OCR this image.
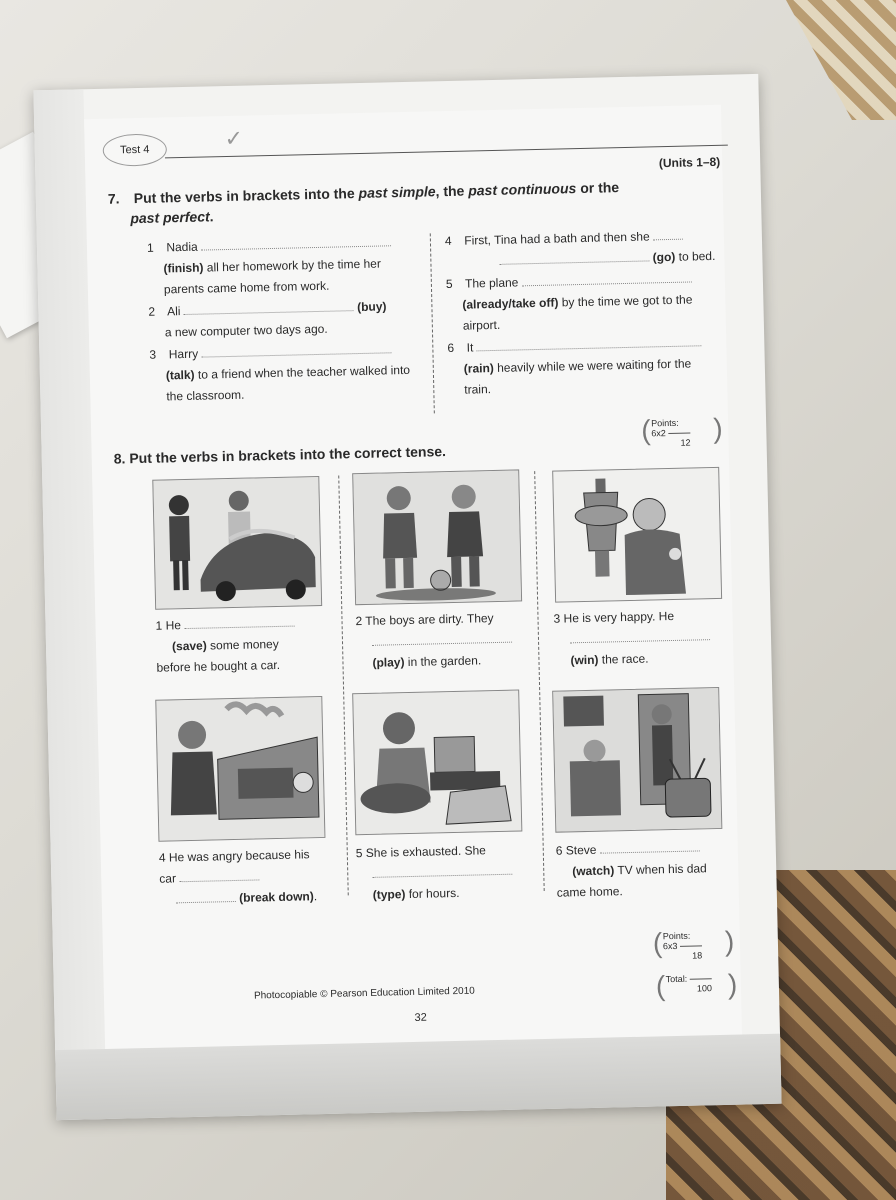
✓
Test 4
(Units 1–8)
7. Put the verbs in brackets into the past simple, the past continuous or the
past perfect.
1 Nadia
(finish) all her homework by the time her parents came home from work.
2 Ali	(buy)
a new computer two days ago.
3 Harry
(talk) to a friend when the teacher walked into the classroom.
4 First, Tina had a bath and then she
(go) to bed.
5 The plane
(already/take off) by the time we got to the airport.
6 It
(rain) heavily while we were waiting for the train.
( Points:
6x2
12 )
8. Put the verbs in brackets into the correct tense.
1 He
(save) some money before he bought a car.
2 The boys are dirty. They

(play) in the garden.
3 He is very happy. He

(win) the race.
4 He was angry because his car
(break down).
5 She is exhausted. She

(type) for hours.
6 Steve
(watch) TV when his dad came home.
( Points:
6x3
18 )
( Total:
100 )
Photocopiable © Pearson Education Limited 2010
32
